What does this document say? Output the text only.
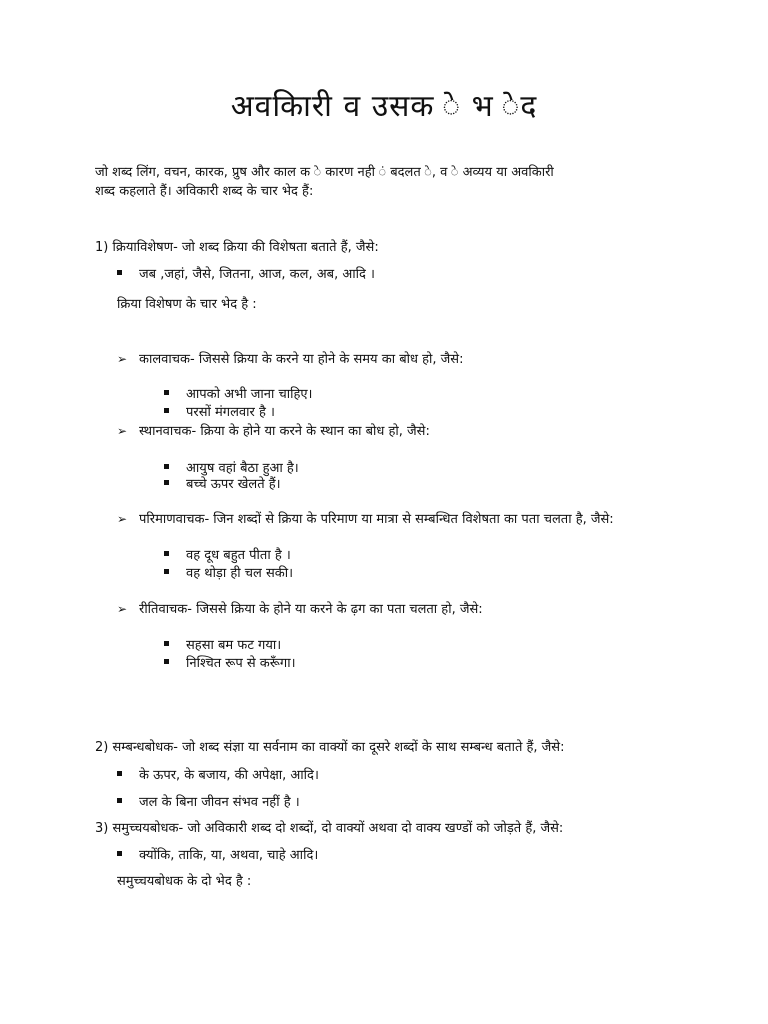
अवकिारी व उसक े भ ेद
जो शब्द लिंग, वचन, कारक, प्रुष और काल क े कारण नही ं बदलत े, व े अव्यय या अवकिारी
शब्द कहलाते हैं। अविकारी शब्द के चार भेद हैं:
1) क्रियाविशेषण- जो शब्द क्रिया की विशेषता बताते हैं, जैसे:
जब ,जहां, जैसे, जितना, आज, कल, अब, आदि ।
क्रिया विशेषण के चार भेद है :
➢ कालवाचक- जिससे क्रिया के करने या होने के समय का बोध हो, जैसे:
आपको अभी जाना चाहिए।
परसों मंगलवार है ।
➢ स्थानवाचक- क्रिया के होने या करने के स्थान का बोध हो, जैसे:
आयुष वहां बैठा हुआ है।
बच्चे ऊपर खेलते हैं।
➢ परिमाणवाचक- जिन शब्दों से क्रिया के परिमाण या मात्रा से सम्बन्धित विशेषता का पता चलता है, जैसे:
वह दूध बहुत पीता है ।
वह थोड़ा ही चल सकी।
➢ रीतिवाचक- जिससे क्रिया के होने या करने के ढ़ग का पता चलता हो, जैसे:
सहसा बम फट गया।
निश्चित रूप से करूँगा।
2) सम्बन्धबोधक- जो शब्द संज्ञा या सर्वनाम का वाक्यों का दूसरे शब्दों के साथ सम्बन्ध बताते हैं, जैसे:
के ऊपर, के बजाय, की अपेक्षा, आदि।
जल के बिना जीवन संभव नहीं है ।
3) समुच्चयबोधक- जो अविकारी शब्द दो शब्दों, दो वाक्यों अथवा दो वाक्य खण्डों को जोड़ते हैं, जैसे:
क्योंकि, ताकि, या, अथवा, चाहे आदि।
समुच्चयबोधक के दो भेद है :
